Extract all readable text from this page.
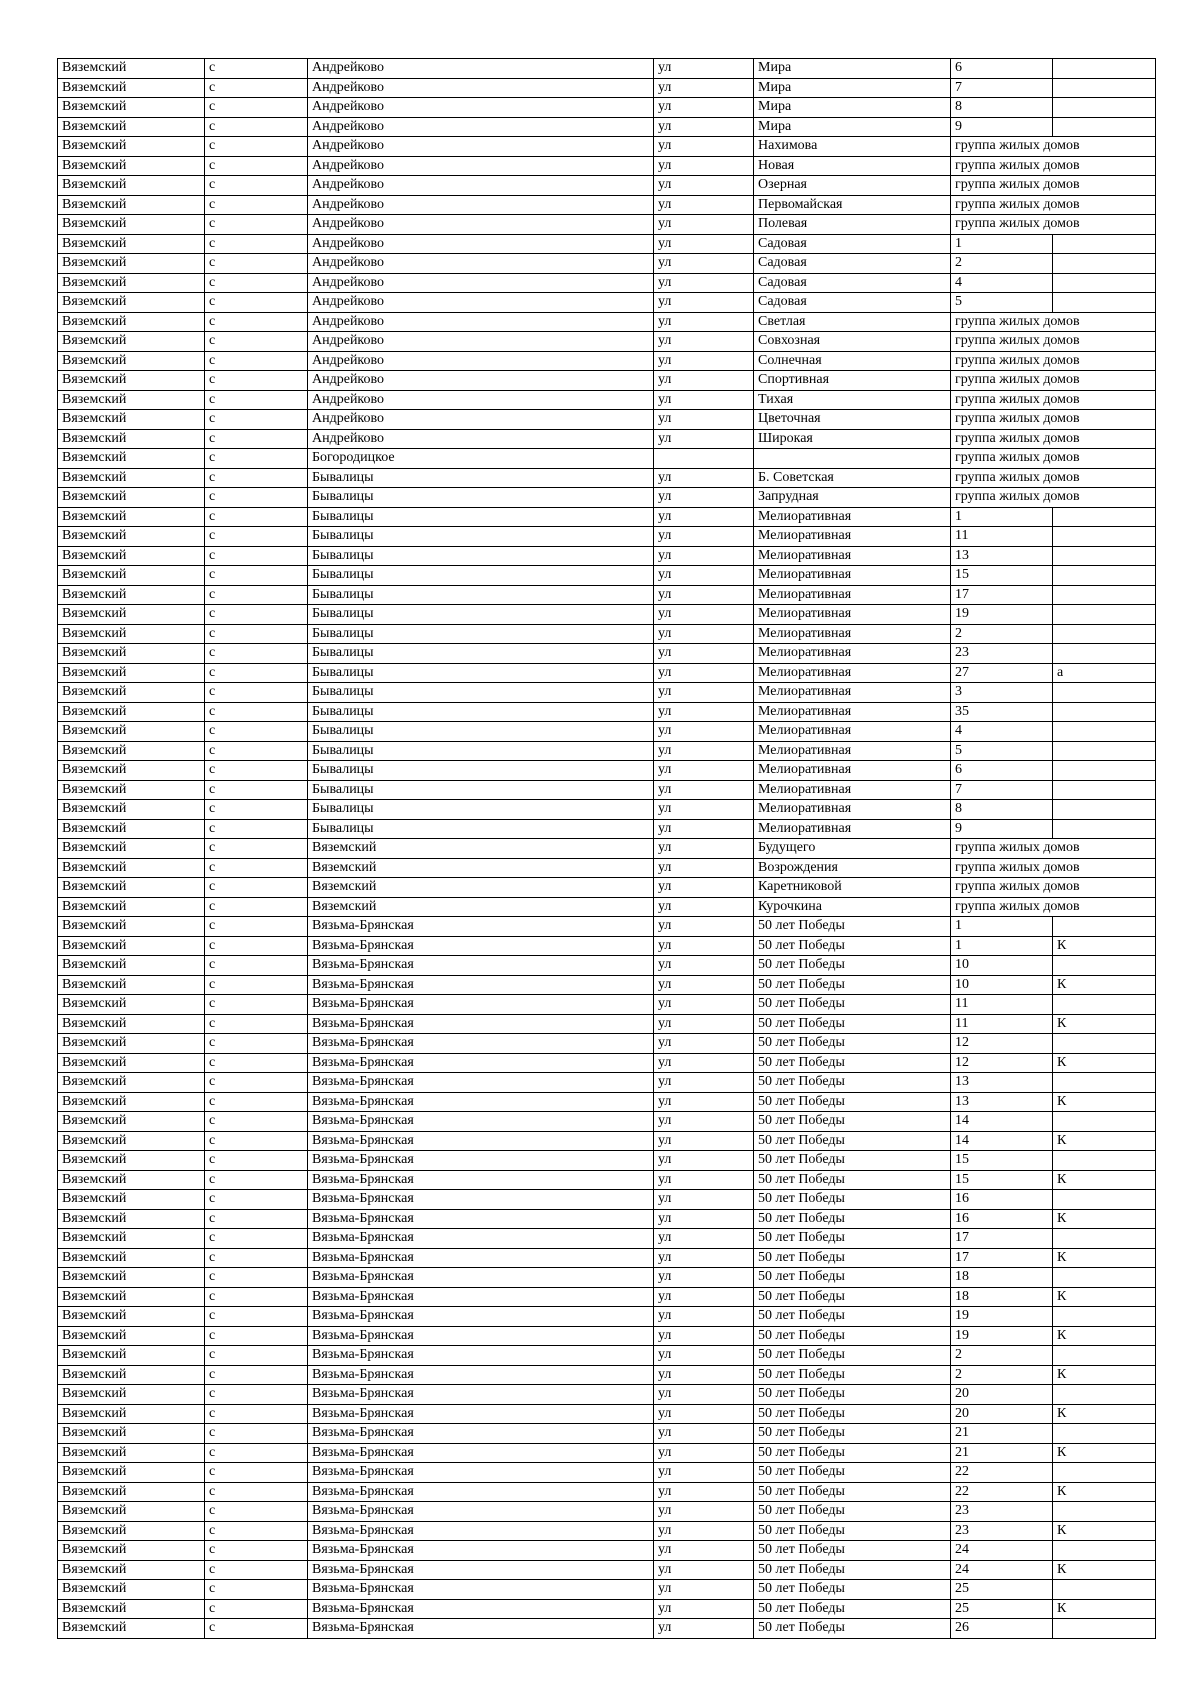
Вяземский	с	Андрейково	ул	Мира	6	
Вяземский	с	Андрейково	ул	Мира	7	
Вяземский	с	Андрейково	ул	Мира	8	
Вяземский	с	Андрейково	ул	Мира	9	
Вяземский	с	Андрейково	ул	Нахимова	группа жилых домов	
Вяземский	с	Андрейково	ул	Новая	группа жилых домов	
Вяземский	с	Андрейково	ул	Озерная	группа жилых домов	
Вяземский	с	Андрейково	ул	Первомайская	группа жилых домов	
Вяземский	с	Андрейково	ул	Полевая	группа жилых домов	
Вяземский	с	Андрейково	ул	Садовая	1	
Вяземский	с	Андрейково	ул	Садовая	2	
Вяземский	с	Андрейково	ул	Садовая	4	
Вяземский	с	Андрейково	ул	Садовая	5	
Вяземский	с	Андрейково	ул	Светлая	группа жилых домов	
Вяземский	с	Андрейково	ул	Совхозная	группа жилых домов	
Вяземский	с	Андрейково	ул	Солнечная	группа жилых домов	
Вяземский	с	Андрейково	ул	Спортивная	группа жилых домов	
Вяземский	с	Андрейково	ул	Тихая	группа жилых домов	
Вяземский	с	Андрейково	ул	Цветочная	группа жилых домов	
Вяземский	с	Андрейково	ул	Широкая	группа жилых домов	
Вяземский	с	Богородицкое			группа жилых домов	
Вяземский	с	Бывалицы	ул	Б. Советская	группа жилых домов	
Вяземский	с	Бывалицы	ул	Запрудная	группа жилых домов	
Вяземский	с	Бывалицы	ул	Мелиоративная	1	
Вяземский	с	Бывалицы	ул	Мелиоративная	11	
Вяземский	с	Бывалицы	ул	Мелиоративная	13	
Вяземский	с	Бывалицы	ул	Мелиоративная	15	
Вяземский	с	Бывалицы	ул	Мелиоративная	17	
Вяземский	с	Бывалицы	ул	Мелиоративная	19	
Вяземский	с	Бывалицы	ул	Мелиоративная	2	
Вяземский	с	Бывалицы	ул	Мелиоративная	23	
Вяземский	с	Бывалицы	ул	Мелиоративная	27	а
Вяземский	с	Бывалицы	ул	Мелиоративная	3	
Вяземский	с	Бывалицы	ул	Мелиоративная	35	
Вяземский	с	Бывалицы	ул	Мелиоративная	4	
Вяземский	с	Бывалицы	ул	Мелиоративная	5	
Вяземский	с	Бывалицы	ул	Мелиоративная	6	
Вяземский	с	Бывалицы	ул	Мелиоративная	7	
Вяземский	с	Бывалицы	ул	Мелиоративная	8	
Вяземский	с	Бывалицы	ул	Мелиоративная	9	
Вяземский	с	Вяземский	ул	Будущего	группа жилых домов	
Вяземский	с	Вяземский	ул	Возрождения	группа жилых домов	
Вяземский	с	Вяземский	ул	Каретниковой	группа жилых домов	
Вяземский	с	Вяземский	ул	Курочкина	группа жилых домов	
Вяземский	с	Вязьма-Брянская	ул	50 лет Победы	1	
Вяземский	с	Вязьма-Брянская	ул	50 лет Победы	1	К
Вяземский	с	Вязьма-Брянская	ул	50 лет Победы	10	
Вяземский	с	Вязьма-Брянская	ул	50 лет Победы	10	К
Вяземский	с	Вязьма-Брянская	ул	50 лет Победы	11	
Вяземский	с	Вязьма-Брянская	ул	50 лет Победы	11	К
Вяземский	с	Вязьма-Брянская	ул	50 лет Победы	12	
Вяземский	с	Вязьма-Брянская	ул	50 лет Победы	12	К
Вяземский	с	Вязьма-Брянская	ул	50 лет Победы	13	
Вяземский	с	Вязьма-Брянская	ул	50 лет Победы	13	К
Вяземский	с	Вязьма-Брянская	ул	50 лет Победы	14	
Вяземский	с	Вязьма-Брянская	ул	50 лет Победы	14	К
Вяземский	с	Вязьма-Брянская	ул	50 лет Победы	15	
Вяземский	с	Вязьма-Брянская	ул	50 лет Победы	15	К
Вяземский	с	Вязьма-Брянская	ул	50 лет Победы	16	
Вяземский	с	Вязьма-Брянская	ул	50 лет Победы	16	К
Вяземский	с	Вязьма-Брянская	ул	50 лет Победы	17	
Вяземский	с	Вязьма-Брянская	ул	50 лет Победы	17	К
Вяземский	с	Вязьма-Брянская	ул	50 лет Победы	18	
Вяземский	с	Вязьма-Брянская	ул	50 лет Победы	18	К
Вяземский	с	Вязьма-Брянская	ул	50 лет Победы	19	
Вяземский	с	Вязьма-Брянская	ул	50 лет Победы	19	К
Вяземский	с	Вязьма-Брянская	ул	50 лет Победы	2	
Вяземский	с	Вязьма-Брянская	ул	50 лет Победы	2	К
Вяземский	с	Вязьма-Брянская	ул	50 лет Победы	20	
Вяземский	с	Вязьма-Брянская	ул	50 лет Победы	20	К
Вяземский	с	Вязьма-Брянская	ул	50 лет Победы	21	
Вяземский	с	Вязьма-Брянская	ул	50 лет Победы	21	К
Вяземский	с	Вязьма-Брянская	ул	50 лет Победы	22	
Вяземский	с	Вязьма-Брянская	ул	50 лет Победы	22	К
Вяземский	с	Вязьма-Брянская	ул	50 лет Победы	23	
Вяземский	с	Вязьма-Брянская	ул	50 лет Победы	23	К
Вяземский	с	Вязьма-Брянская	ул	50 лет Победы	24	
Вяземский	с	Вязьма-Брянская	ул	50 лет Победы	24	К
Вяземский	с	Вязьма-Брянская	ул	50 лет Победы	25	
Вяземский	с	Вязьма-Брянская	ул	50 лет Победы	25	К
Вяземский	с	Вязьма-Брянская	ул	50 лет Победы	26	
